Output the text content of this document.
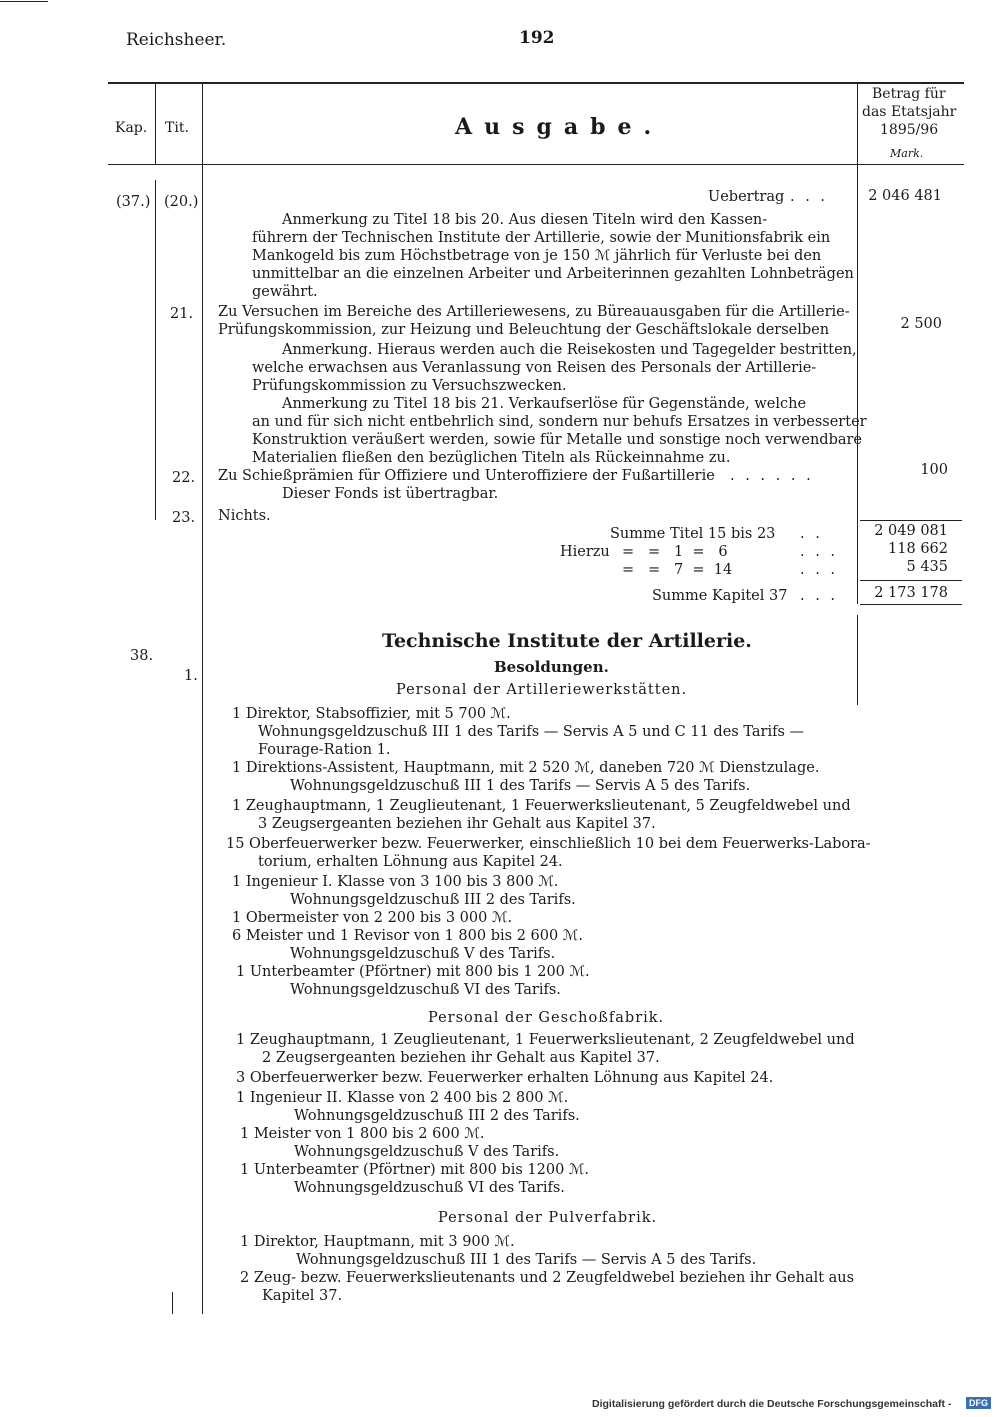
Reichsheer.	192
Kap. Tit.	Ausgabe.
Betrag für
das Etatsjahr
1895/96
Mark.
(37.) (20.)	Uebertrag . . .	2 046 481
Anmerkung zu Titel 18 bis 20. Aus diesen Titeln wird den Kassen-
führern der Technischen Institute der Artillerie, sowie der Munitionsfabrik ein
Mankogeld bis zum Höchstbetrage von je 150 ℳ jährlich für Verluste bei den
unmittelbar an die einzelnen Arbeiter und Arbeiterinnen gezahlten Lohnbeträgen
gewährt.
21. Zu Versuchen im Bereiche des Artilleriewesens, zu Büreauausgaben für die Artillerie-
Prüfungskommission, zur Heizung und Beleuchtung der Geschäftslokale derselben	2 500
Anmerkung. Hieraus werden auch die Reisekosten und Tagegelder bestritten,
welche erwachsen aus Veranlassung von Reisen des Personals der Artillerie-
Prüfungskommission zu Versuchszwecken.
Anmerkung zu Titel 18 bis 21. Verkaufserlöse für Gegenstände, welche
an und für sich nicht entbehrlich sind, sondern nur behufs Ersatzes in verbesserter
Konstruktion veräußert werden, sowie für Metalle und sonstige noch verwendbare
Materialien fließen den bezüglichen Titeln als Rückeinnahme zu.
22. Zu Schießprämien für Offiziere und Unteroffiziere der Fußartillerie . . . . . .	100
Dieser Fonds ist übertragbar.
23. Nichts.
Summe Titel 15 bis 23 . .	2 049 081
Hierzu =   =   1  =   6	. . .	118 662
=   =   7  =  14	. . .	5 435
Summe Kapitel 37 . . .	2 173 178
38.
1.
Technische Institute der Artillerie.
Besoldungen.
Personal der Artilleriewerkstätten.
1 Direktor, Stabsoffizier, mit 5 700 ℳ.
Wohnungsgeldzuschuß III 1 des Tarifs — Servis A 5 und C 11 des Tarifs —
Fourage-Ration 1.
1 Direktions-Assistent, Hauptmann, mit 2 520 ℳ, daneben 720 ℳ Dienstzulage.
Wohnungsgeldzuschuß III 1 des Tarifs — Servis A 5 des Tarifs.
1 Zeughauptmann, 1 Zeuglieutenant, 1 Feuerwerkslieutenant, 5 Zeugfeldwebel und
3 Zeugsergeanten beziehen ihr Gehalt aus Kapitel 37.
15 Oberfeuerwerker bezw. Feuerwerker, einschließlich 10 bei dem Feuerwerks-Labora-
torium, erhalten Löhnung aus Kapitel 24.
1 Ingenieur I. Klasse von 3 100 bis 3 800 ℳ.
Wohnungsgeldzuschuß III 2 des Tarifs.
1 Obermeister von 2 200 bis 3 000 ℳ.
6 Meister und 1 Revisor von 1 800 bis 2 600 ℳ.
Wohnungsgeldzuschuß V des Tarifs.
1 Unterbeamter (Pförtner) mit 800 bis 1 200 ℳ.
Wohnungsgeldzuschuß VI des Tarifs.
Personal der Geschoßfabrik.
1 Zeughauptmann, 1 Zeuglieutenant, 1 Feuerwerkslieutenant, 2 Zeugfeldwebel und
2 Zeugsergeanten beziehen ihr Gehalt aus Kapitel 37.
3 Oberfeuerwerker bezw. Feuerwerker erhalten Löhnung aus Kapitel 24.
1 Ingenieur II. Klasse von 2 400 bis 2 800 ℳ.
Wohnungsgeldzuschuß III 2 des Tarifs.
1 Meister von 1 800 bis 2 600 ℳ.
Wohnungsgeldzuschuß V des Tarifs.
1 Unterbeamter (Pförtner) mit 800 bis 1200 ℳ.
Wohnungsgeldzuschuß VI des Tarifs.
Personal der Pulverfabrik.
1 Direktor, Hauptmann, mit 3 900 ℳ.
Wohnungsgeldzuschuß III 1 des Tarifs — Servis A 5 des Tarifs.
2 Zeug- bezw. Feuerwerkslieutenants und 2 Zeugfeldwebel beziehen ihr Gehalt aus
Kapitel 37.
Digitalisierung gefördert durch die Deutsche Forschungsgemeinschaft -	DFG
